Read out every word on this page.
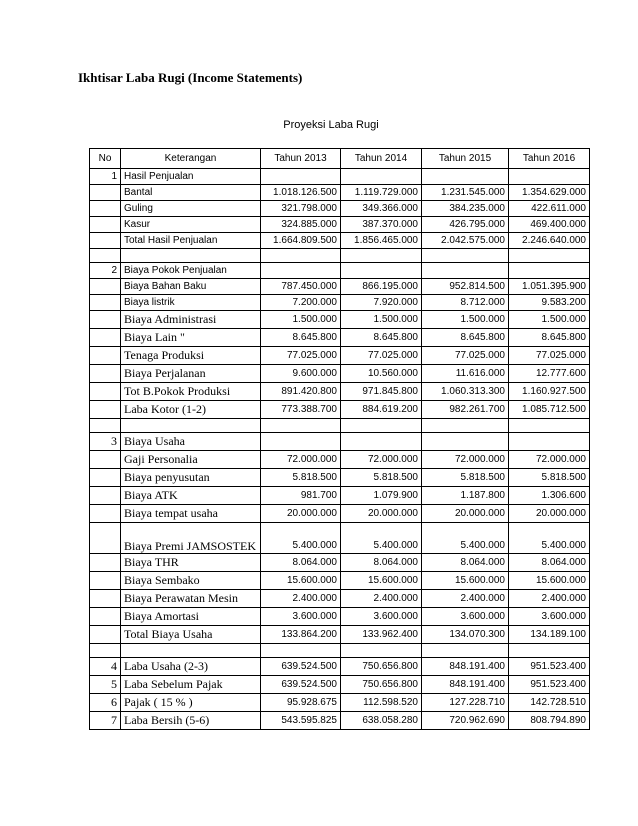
Ikhtisar Laba Rugi (Income Statements)
Proyeksi Laba Rugi
No	Keterangan	Tahun 2013	Tahun 2014	Tahun 2015	Tahun 2016
1	Hasil Penjualan				
	Bantal	1.018.126.500	1.119.729.000	1.231.545.000	1.354.629.000
	Guling	321.798.000	349.366.000	384.235.000	422.611.000
	Kasur	324.885.000	387.370.000	426.795.000	469.400.000
	Total Hasil Penjualan	1.664.809.500	1.856.465.000	2.042.575.000	2.246.640.000

2	Biaya Pokok Penjualan				
	Biaya Bahan Baku	787.450.000	866.195.000	952.814.500	1.051.395.900
	Biaya listrik	7.200.000	7.920.000	8.712.000	9.583.200
	Biaya Administrasi	1.500.000	1.500.000	1.500.000	1.500.000
	Biaya Lain "	8.645.800	8.645.800	8.645.800	8.645.800
	Tenaga Produksi	77.025.000	77.025.000	77.025.000	77.025.000
	Biaya Perjalanan	9.600.000	10.560.000	11.616.000	12.777.600
	Tot B.Pokok Produksi	891.420.800	971.845.800	1.060.313.300	1.160.927.500
	Laba Kotor (1-2)	773.388.700	884.619.200	982.261.700	1.085.712.500

3	Biaya Usaha				
	Gaji Personalia	72.000.000	72.000.000	72.000.000	72.000.000
	Biaya penyusutan	5.818.500	5.818.500	5.818.500	5.818.500
	Biaya ATK	981.700	1.079.900	1.187.800	1.306.600
	Biaya tempat usaha	20.000.000	20.000.000	20.000.000	20.000.000
	Biaya Premi JAMSOSTEK	5.400.000	5.400.000	5.400.000	5.400.000
	Biaya THR	8.064.000	8.064.000	8.064.000	8.064.000
	Biaya Sembako	15.600.000	15.600.000	15.600.000	15.600.000
	Biaya Perawatan Mesin	2.400.000	2.400.000	2.400.000	2.400.000
	Biaya Amortasi	3.600.000	3.600.000	3.600.000	3.600.000
	Total Biaya Usaha	133.864.200	133.962.400	134.070.300	134.189.100

4	Laba Usaha (2-3)	639.524.500	750.656.800	848.191.400	951.523.400
5	Laba Sebelum Pajak	639.524.500	750.656.800	848.191.400	951.523.400
6	Pajak ( 15 % )	95.928.675	112.598.520	127.228.710	142.728.510
7	Laba Bersih (5-6)	543.595.825	638.058.280	720.962.690	808.794.890
